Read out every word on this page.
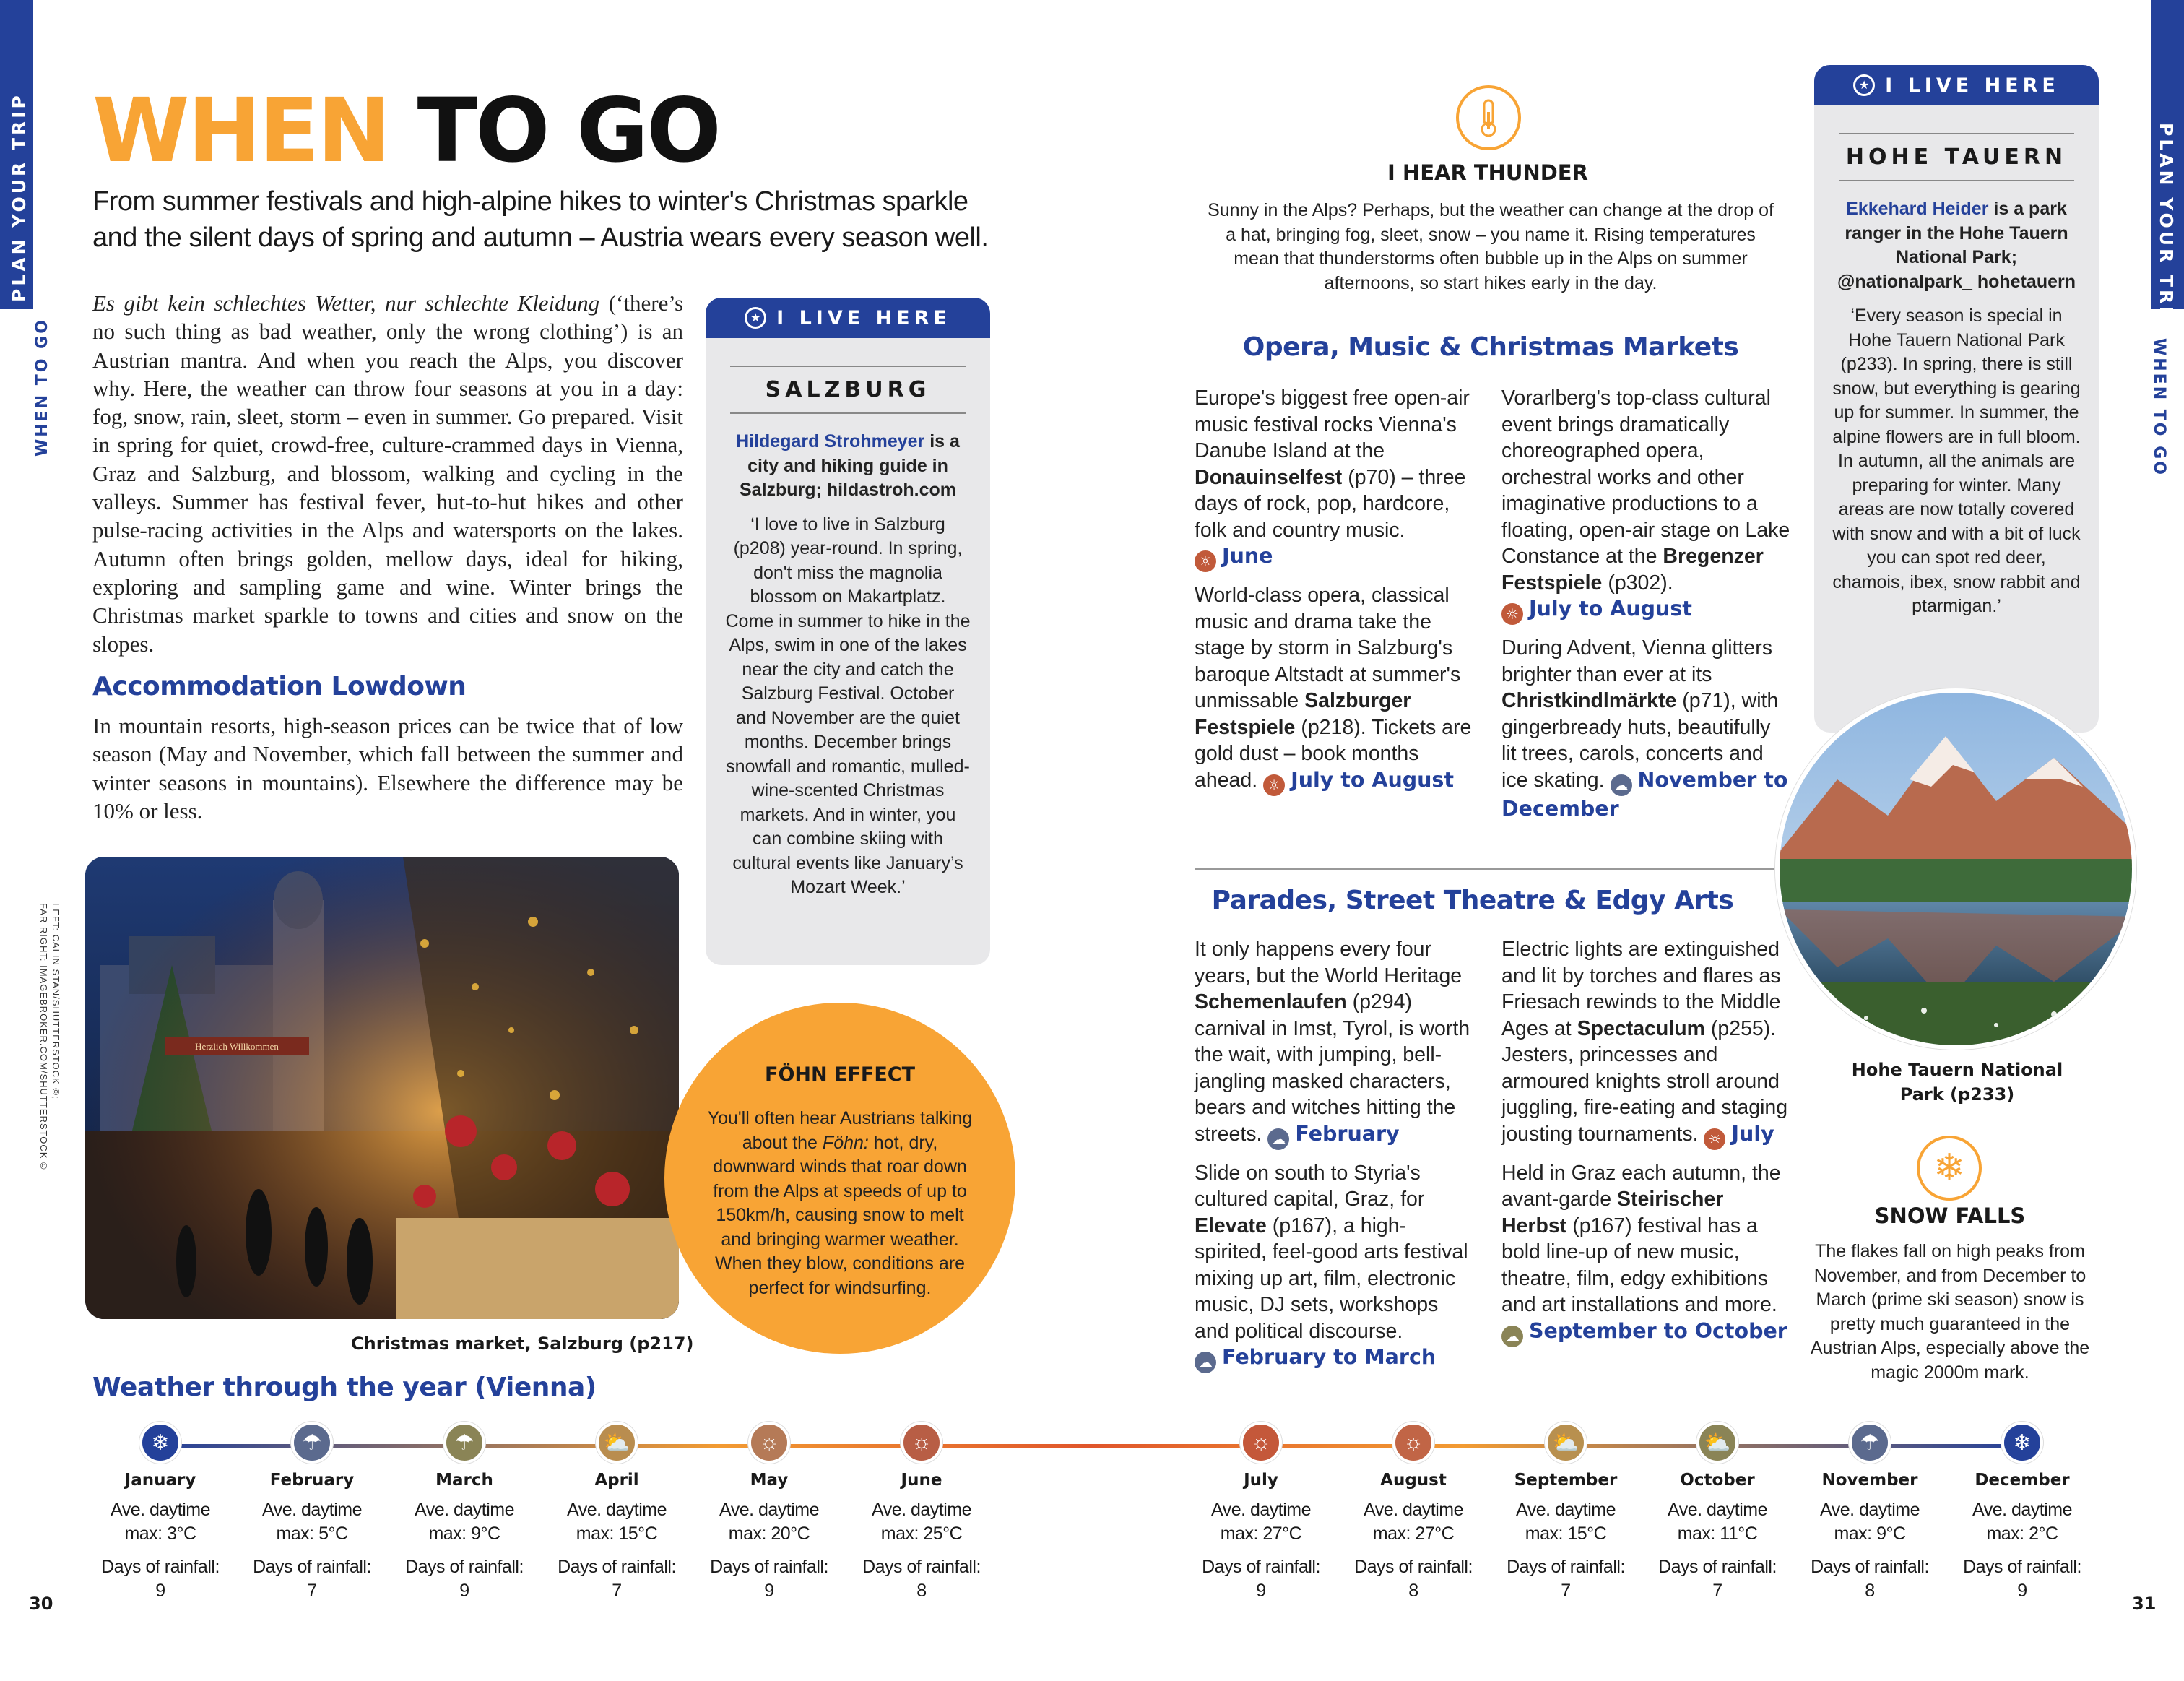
PLAN YOUR TRIP
WHEN TO GO
PLAN YOUR TRIP
WHEN TO GO
WHEN TO GO
From summer festivals and high-alpine hikes to winter's Christmas sparkle and the silent days of spring and autumn – Austria wears every season well.
Es gibt kein schlechtes Wetter, nur schlechte Kleidung (‘there’s no such thing as bad weather, only the wrong clothing’) is an Austrian mantra. And when you reach the Alps, you discover why. Here, the weather can throw four seasons at you in a day: fog, snow, rain, sleet, storm – even in summer. Go prepared. Visit in spring for quiet, crowd-free, culture-crammed days in Vienna, Graz and Salzburg, and blossom, walking and cycling in the valleys. Summer has festival fever, hut-to-hut hikes and other pulse-racing activities in the Alps and watersports on the lakes. Autumn often brings golden, mellow days, ideal for hiking, exploring and sampling game and wine. Winter brings the Christmas market sparkle to towns and cities and snow on the slopes.
Accommodation Lowdown
In mountain resorts, high-season prices can be twice that of low season (May and November, which fall between the summer and winter seasons in mountains). Elsewhere the difference may be 10% or less.
Herzlich Willkommen
LEFT: CALIN STAN/SHUTTERSTOCK ©;
FAR RIGHT: IMAGEBROKER.COM/SHUTTERSTOCK ©
Christmas market, Salzburg (p217)
★ I LIVE HERE
SALZBURG
Hildegard Strohmeyer is a city and hiking guide in Salzburg; hildastroh.com
‘I love to live in Salzburg (p208) year-round. In spring, don't miss the magnolia blossom on Makartplatz. Come in summer to hike in the Alps, swim in one of the lakes near the city and catch the Salzburg Festival. October and November are the quiet months. December brings snowfall and romantic, mulled-wine-scented Christmas markets. And in winter, you can combine skiing with cultural events like January’s Mozart Week.’
FÖHN EFFECT
You'll often hear Austrians talking about the Föhn: hot, dry, downward winds that roar down from the Alps at speeds of up to 150km/h, causing snow to melt and bringing warmer weather. When they blow, conditions are perfect for windsurfing.
I HEAR THUNDER
Sunny in the Alps? Perhaps, but the weather can change at the drop of a hat, bringing fog, sleet, snow – you name it. Rising temperatures mean that thunderstorms often bubble up in the Alps on summer afternoons, so start hikes early in the day.
Opera, Music & Christmas Markets
Europe's biggest free open-air music festival rocks Vienna's Danube Island at the Donauinselfest (p70) – three days of rock, pop, hardcore, folk and country music.
☼ June
World-class opera, classical music and drama take the stage by storm in Salzburg's baroque Altstadt at summer's unmissable Salzburger Festspiele (p218). Tickets are gold dust – book months ahead. ☼ July to August
Vorarlberg's top-class cultural event brings dramatically choreographed opera, orchestral works and other imaginative productions to a floating, open-air stage on Lake Constance at the Bregenzer Festspiele (p302).
☼ July to August
During Advent, Vienna glitters brighter than ever at its Christkindlmärkte (p71), with gingerbready huts, beautifully lit trees, carols, concerts and ice skating. ☁ November to December
Parades, Street Theatre & Edgy Arts
It only happens every four years, but the World Heritage Schemenlaufen (p294) carnival in Imst, Tyrol, is worth the wait, with jumping, bell-jangling masked characters, bears and witches hitting the streets. ☁ February
Slide on south to Styria's cultured capital, Graz, for Elevate (p167), a high-spirited, feel-good arts festival mixing up art, film, electronic music, DJ sets, workshops and political discourse.
☁ February to March
Electric lights are extinguished and lit by torches and flares as Friesach rewinds to the Middle Ages at Spectaculum (p255). Jesters, princesses and armoured knights stroll around juggling, fire-eating and staging jousting tournaments. ☼ July
Held in Graz each autumn, the avant-garde Steirischer Herbst (p167) festival has a bold line-up of new music, theatre, film, edgy exhibitions and art installations and more.
☁ September to October
★ I LIVE HERE
HOHE TAUERN
Ekkehard Heider is a park ranger in the Hohe Tauern National Park; @nationalpark_ hohetauern
‘Every season is special in Hohe Tauern National Park (p233). In spring, there is still snow, but everything is gearing up for summer. In summer, the alpine flowers are in full bloom. In autumn, all the animals are preparing for winter. Many areas are now totally covered with snow and with a bit of luck you can spot red deer, chamois, ibex, snow rabbit and ptarmigan.’
Hohe Tauern National Park (p233)
❄
SNOW FALLS
The flakes fall on high peaks from November, and from December to March (prime ski season) snow is pretty much guaranteed in the Austrian Alps, especially above the magic 2000m mark.
Weather through the year (Vienna)
❄
January
Ave. daytime
max: 3°C
Days of rainfall:
9
☂
February
Ave. daytime
max: 5°C
Days of rainfall:
7
☂
March
Ave. daytime
max: 9°C
Days of rainfall:
9
⛅
April
Ave. daytime
max: 15°C
Days of rainfall:
7
☼
May
Ave. daytime
max: 20°C
Days of rainfall:
9
☼
June
Ave. daytime
max: 25°C
Days of rainfall:
8
☼
July
Ave. daytime
max: 27°C
Days of rainfall:
9
☼
August
Ave. daytime
max: 27°C
Days of rainfall:
8
⛅
September
Ave. daytime
max: 15°C
Days of rainfall:
7
⛅
October
Ave. daytime
max: 11°C
Days of rainfall:
7
☂
November
Ave. daytime
max: 9°C
Days of rainfall:
8
❄
December
Ave. daytime
max: 2°C
Days of rainfall:
9
30	31
